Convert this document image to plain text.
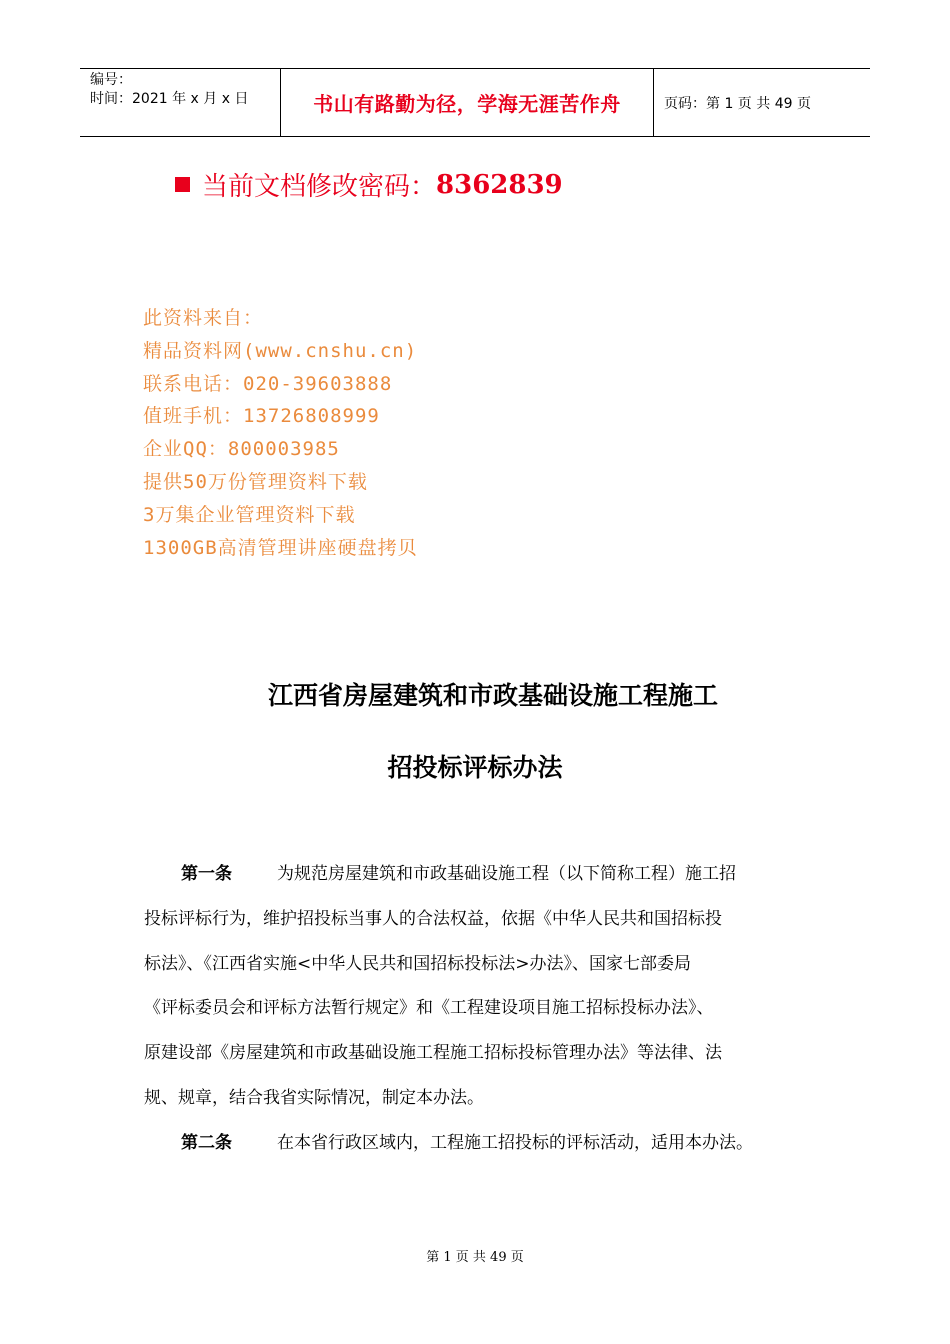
编号：
时间：2021 年 x 月 x 日	书山有路勤为径，学海无涯苦作舟	页码：第 1 页 共 49 页
当前文档修改密码： 8362839
此资料来自：
精品资料网(www.cnshu.cn)
联系电话：020-39603888
值班手机：13726808999
企业QQ：800003985
提供50万份管理资料下载
3万集企业管理资料下载
1300GB高清管理讲座硬盘拷贝
江西省房屋建筑和市政基础设施工程施工
招投标评标办法

第一条	为规范房屋建筑和市政基础设施工程（以下简称工程）施工招

投标评标行为，维护招投标当事人的合法权益，依据《中华人民共和国招标投

标法》、《江西省实施<中华人民共和国招标投标法>办法》、国家七部委局

《评标委员会和评标方法暂行规定》和《工程建设项目施工招标投标办法》、

原建设部《房屋建筑和市政基础设施工程施工招标投标管理办法》等法律、法

规、规章，结合我省实际情况，制定本办法。

第二条	在本省行政区域内，工程施工招投标的评标活动，适用本办法。

第 1 页 共 49 页
